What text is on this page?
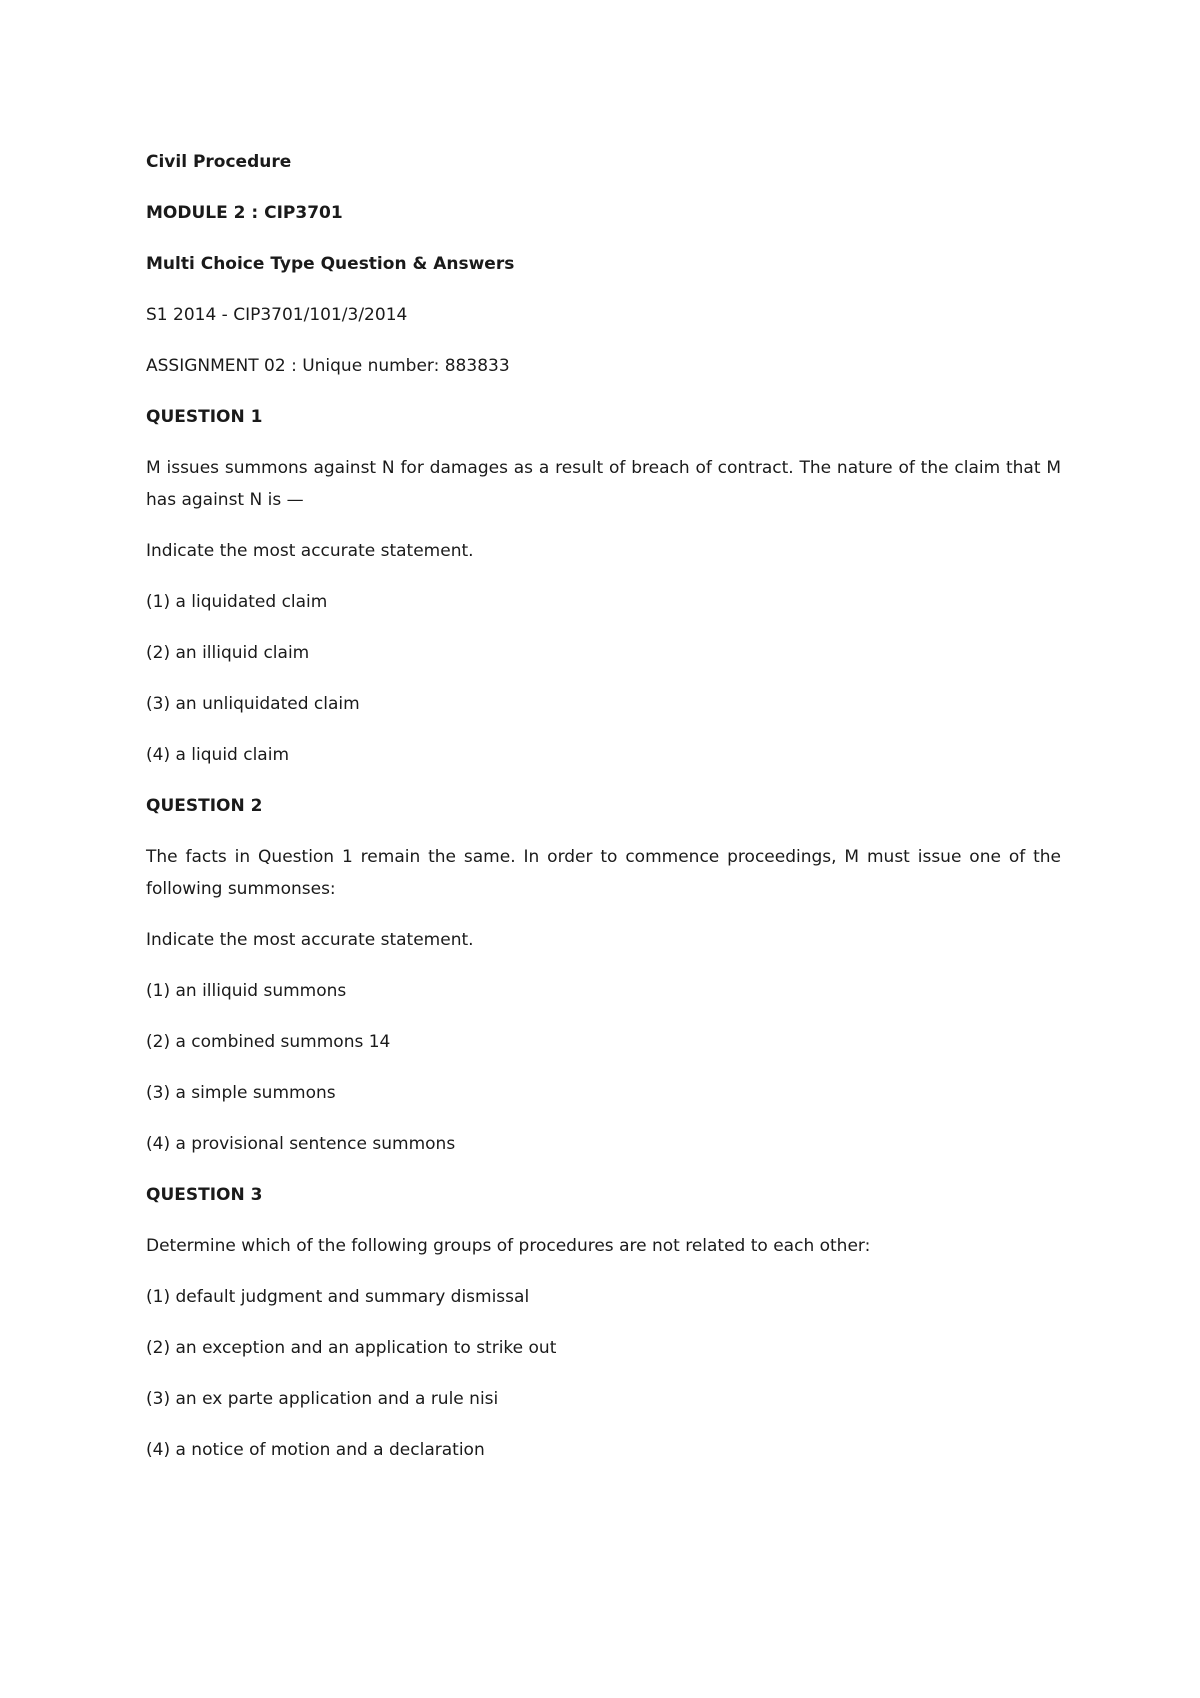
Civil Procedure
MODULE 2 : CIP3701
Multi Choice Type Question & Answers
S1 2014 - CIP3701/101/3/2014
ASSIGNMENT 02 : Unique number: 883833
QUESTION 1
M issues summons against N for damages as a result of breach of contract. The nature of the claim that M has against N is —
Indicate the most accurate statement.
(1) a liquidated claim
(2) an illiquid claim
(3) an unliquidated claim
(4) a liquid claim
QUESTION 2
The facts in Question 1 remain the same. In order to commence proceedings, M must issue one of the following summonses:
Indicate the most accurate statement.
(1) an illiquid summons
(2) a combined summons 14
(3) a simple summons
(4) a provisional sentence summons
QUESTION 3
Determine which of the following groups of procedures are not related to each other:
(1) default judgment and summary dismissal
(2) an exception and an application to strike out
(3) an ex parte application and a rule nisi
(4) a notice of motion and a declaration
